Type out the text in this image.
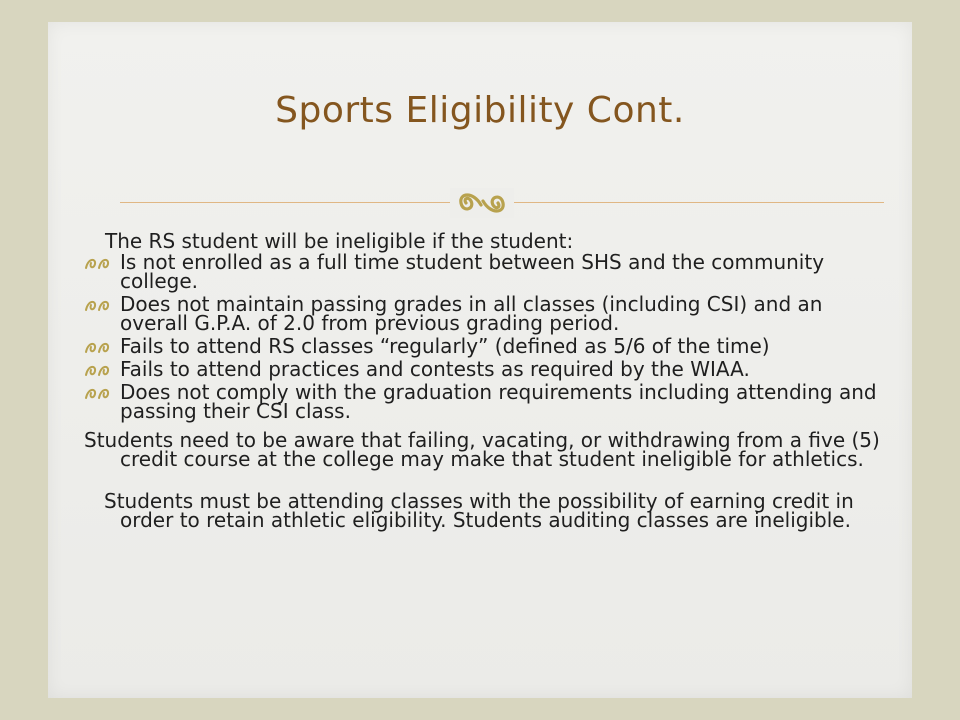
Sports Eligibility Cont.

The RS student will be ineligible if the student:

Is not enrolled as a full time student between SHS and the community college.
Does not maintain passing grades in all classes (including CSI) and an overall G.P.A. of 2.0 from previous grading period.
Fails to attend RS classes “regularly” (defined as 5/6 of the time)
Fails to attend practices and contests as required by the WIAA.
Does not comply with the graduation requirements including attending and passing their CSI class.

Students need to be aware that failing, vacating, or withdrawing from a five (5) credit course at the college may make that student ineligible for athletics.

Students must be attending classes with the possibility of earning credit in order to retain athletic eligibility. Students auditing classes are ineligible.
